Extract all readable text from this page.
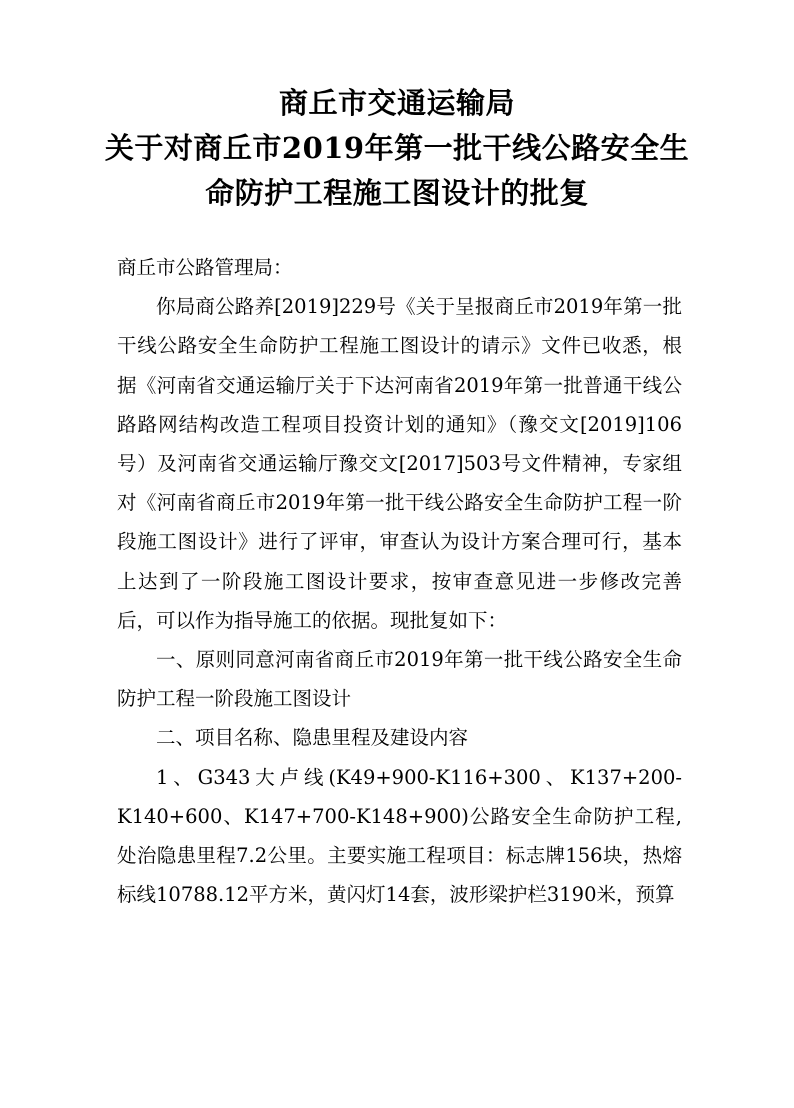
商丘市交通运输局
关于对商丘市2019年第一批干线公路安全生
命防护工程施工图设计的批复

商丘市公路管理局：

你局商公路养[2019]229号《关于呈报商丘市2019年第一批干线公路安全生命防护工程施工图设计的请示》文件已收悉，根据《河南省交通运输厅关于下达河南省2019年第一批普通干线公路路网结构改造工程项目投资计划的通知》（豫交文[2019]106号）及河南省交通运输厅豫交文[2017]503号文件精神，专家组对《河南省商丘市2019年第一批干线公路安全生命防护工程一阶段施工图设计》进行了评审，审查认为设计方案合理可行，基本上达到了一阶段施工图设计要求，按审查意见进一步修改完善后，可以作为指导施工的依据。现批复如下：

一、原则同意河南省商丘市2019年第一批干线公路安全生命防护工程一阶段施工图设计

二、项目名称、隐患里程及建设内容

1、G343大卢线(K49+900-K116+300、K137+200-K140+600、K147+700-K148+900)公路安全生命防护工程,处治隐患里程7.2公里。主要实施工程项目：标志牌156块，热熔标线10788.12平方米，黄闪灯14套，波形梁护栏3190米，预算
